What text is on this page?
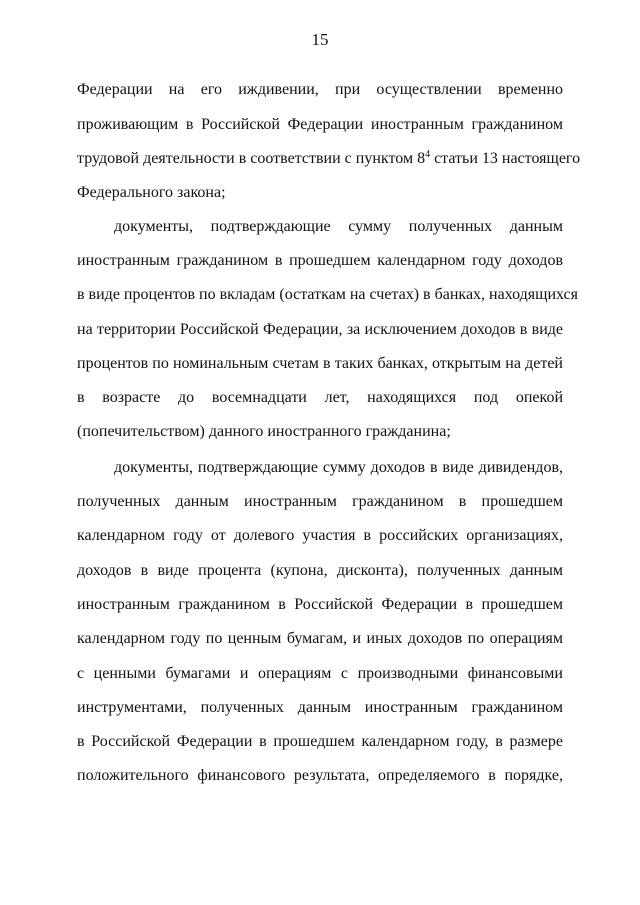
15
Федерации на его иждивении, при осуществлении временно
проживающим в Российской Федерации иностранным гражданином
трудовой деятельности в соответствии с пунктом $8^4$ статьи 13 настоящего
Федерального закона;
документы, подтверждающие сумму полученных данным
иностранным гражданином в прошедшем календарном году доходов
в виде процентов по вкладам (остаткам на счетах) в банках, находящихся
на территории Российской Федерации, за исключением доходов в виде
процентов по номинальным счетам в таких банках, открытым на детей
в возрасте до восемнадцати лет, находящихся под опекой
(попечительством) данного иностранного гражданина;
документы, подтверждающие сумму доходов в виде дивидендов,
полученных данным иностранным гражданином в прошедшем
календарном году от долевого участия в российских организациях,
доходов в виде процента (купона, дисконта), полученных данным
иностранным гражданином в Российской Федерации в прошедшем
календарном году по ценным бумагам, и иных доходов по операциям
с ценными бумагами и операциям с производными финансовыми
инструментами, полученных данным иностранным гражданином
в Российской Федерации в прошедшем календарном году, в размере
положительного финансового результата, определяемого в порядке,
